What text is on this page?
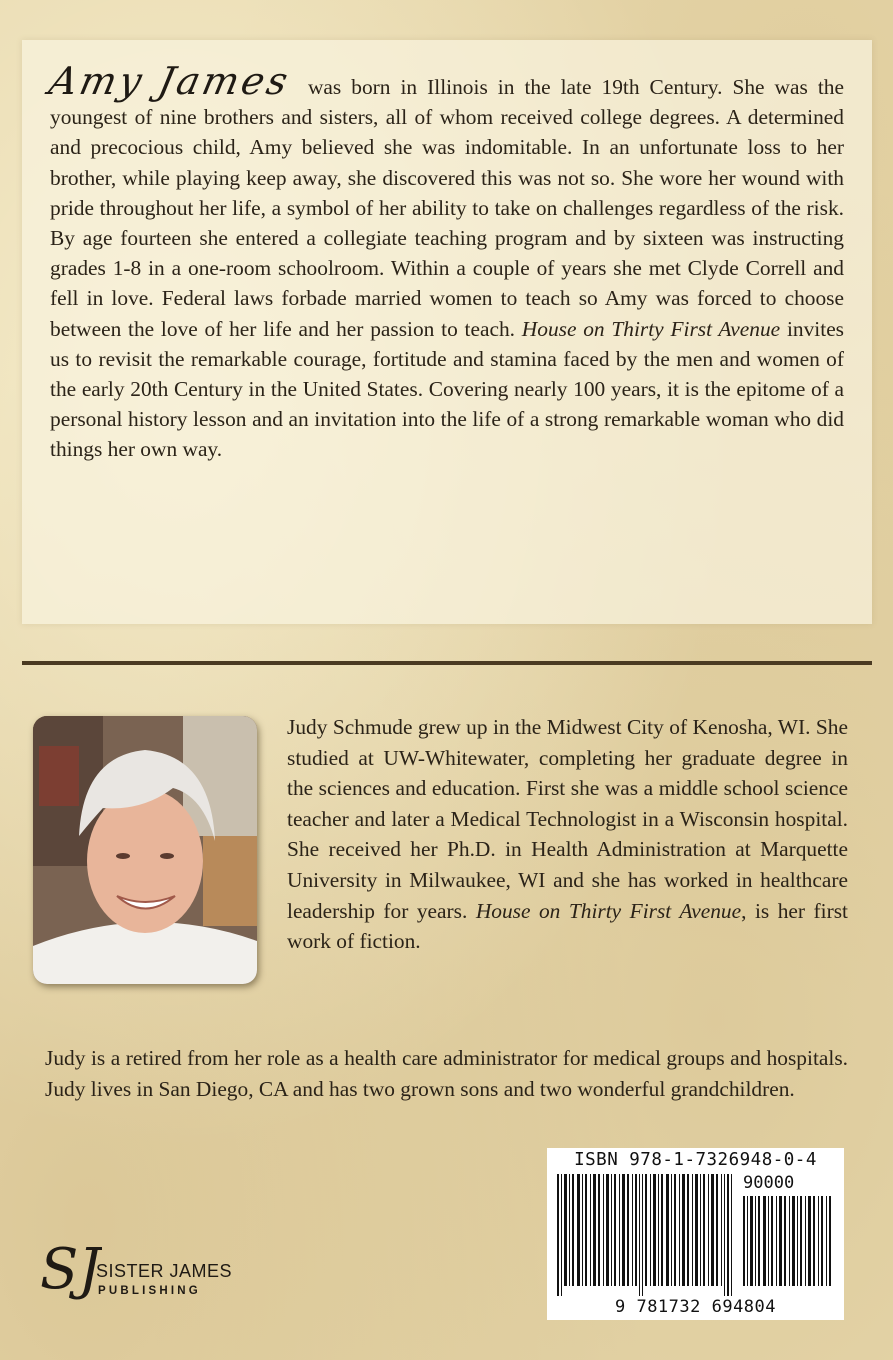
Amy James was born in Illinois in the late 19th Century. She was the youngest of nine brothers and sisters, all of whom received college degrees. A determined and precocious child, Amy believed she was indomitable. In an unfortunate loss to her brother, while playing keep away, she discovered this was not so. She wore her wound with pride throughout her life, a symbol of her ability to take on challenges regardless of the risk. By age fourteen she entered a collegiate teaching program and by sixteen was instructing grades 1-8 in a one-room schoolroom. Within a couple of years she met Clyde Correll and fell in love. Federal laws forbade married women to teach so Amy was forced to choose between the love of her life and her passion to teach. House on Thirty First Avenue invites us to revisit the remarkable courage, fortitude and stamina faced by the men and women of the early 20th Century in the United States. Covering nearly 100 years, it is the epitome of a personal history lesson and an invitation into the life of a strong remarkable woman who did things her own way.

Judy Schmude grew up in the Midwest City of Kenosha, WI. She studied at UW-Whitewater, completing her graduate degree in the sciences and education. First she was a middle school science teacher and later a Medical Technologist in a Wisconsin hospital. She received her Ph.D. in Health Administration at Marquette University in Milwaukee, WI and she has worked in healthcare leadership for years. House on Thirty First Avenue, is her first work of fiction.

Judy is a retired from her role as a health care administrator for medical groups and hospitals. Judy lives in San Diego, CA and has two grown sons and two wonderful grandchildren.

SJ
SISTER JAMES
PUBLISHING
ISBN 978-1-7326948-0-4
90000
9 781732 694804
